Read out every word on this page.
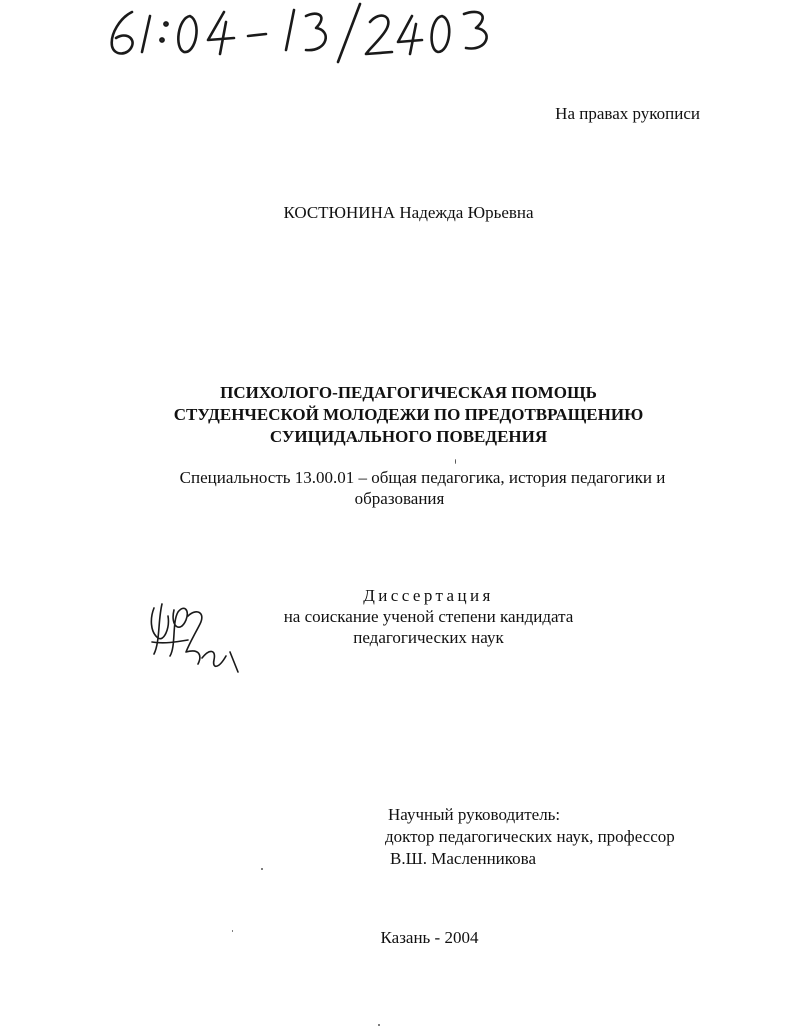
На правах рукописи
КОСТЮНИНА Надежда Юрьевна
ПСИХОЛОГО-ПЕДАГОГИЧЕСКАЯ ПОМОЩЬ
СТУДЕНЧЕСКОЙ МОЛОДЕЖИ ПО ПРЕДОТВРАЩЕНИЮ
СУИЦИДАЛЬНОГО ПОВЕДЕНИЯ
Специальность 13.00.01 – общая педагогика, история педагогики и
образования
Диссертация
на соискание ученой степени кандидата
педагогических наук
Научный руководитель:
доктор педагогических наук, профессор
В.Ш. Масленникова
Казань - 2004
